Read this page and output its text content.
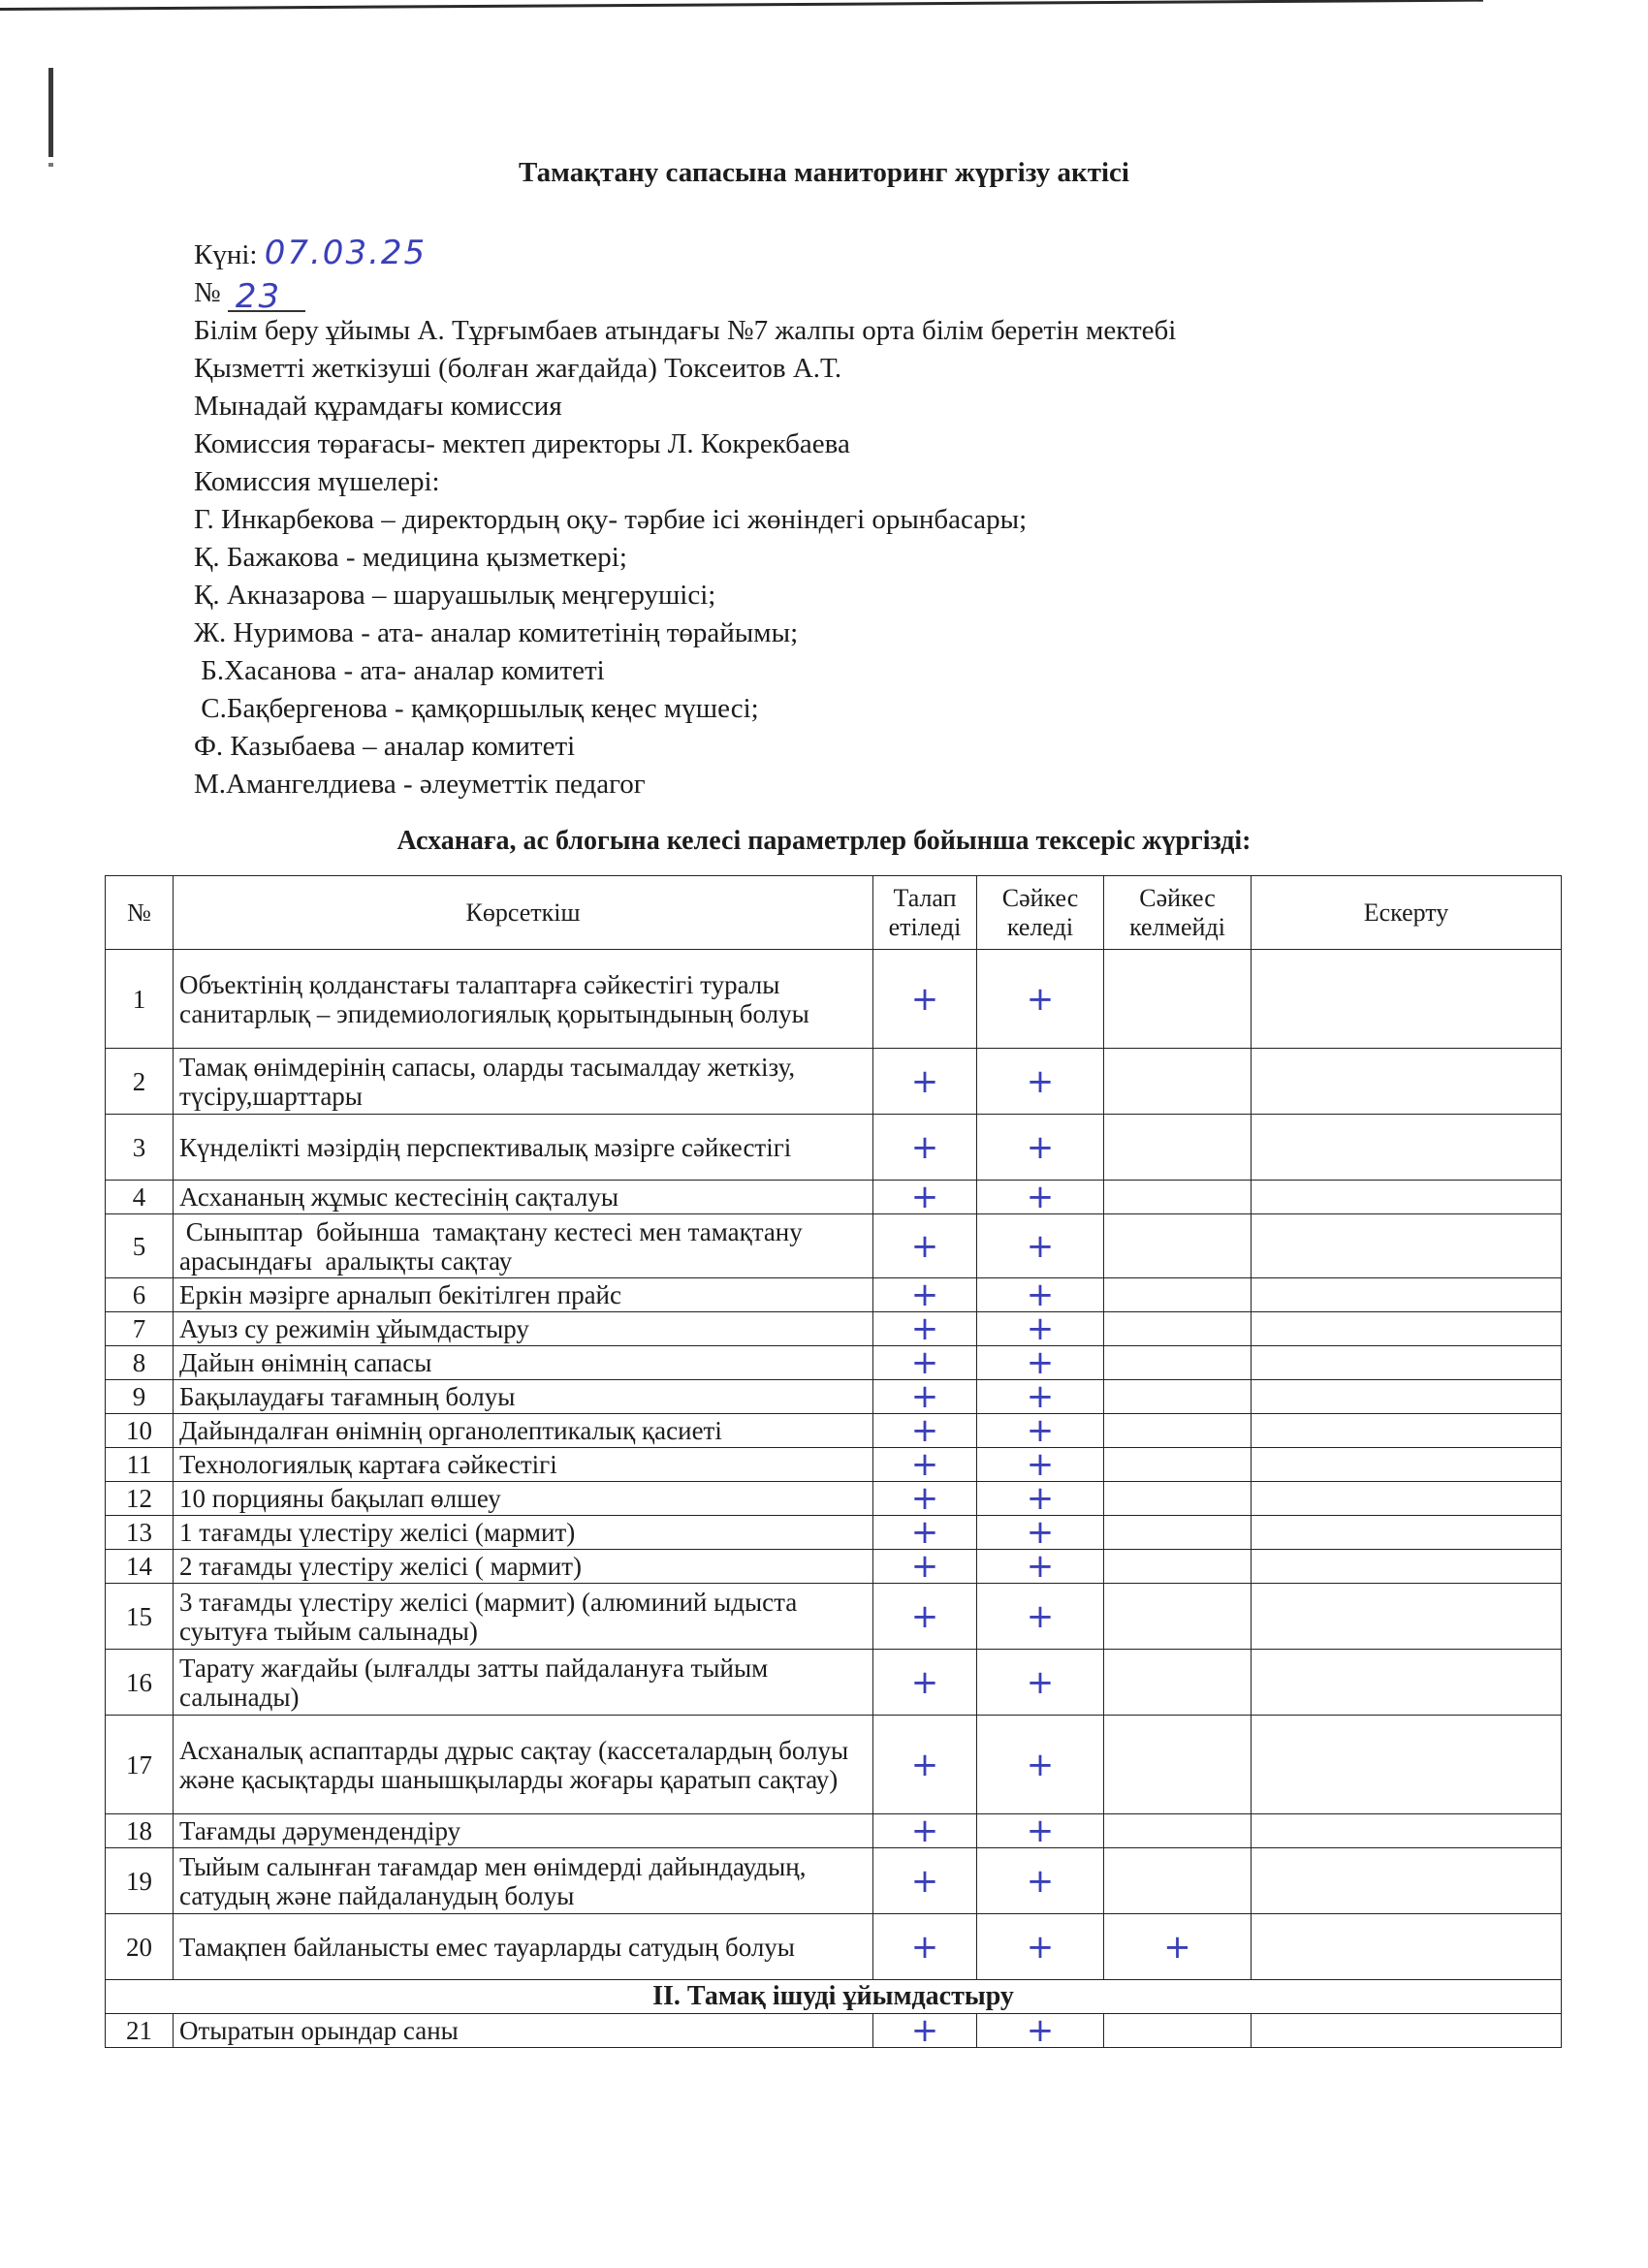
Тамақтану сапасына маниторинг жүргізу актісі
Күні: 07.03.25
№ 23
Білім беру ұйымы А. Тұрғымбаев атындағы №7 жалпы орта білім беретін мектебі
Қызметті жеткізуші (болған жағдайда) Токсеитов А.Т.
Мынадай құрамдағы комиссия
Комиссия төрағасы- мектеп директоры Л. Кокрекбаева
Комиссия мүшелері:
Г. Инкарбекова – директордың оқу- тәрбие ісі жөніндегі орынбасары;
Қ. Бажакова - медицина қызметкері;
Қ. Акназарова – шаруашылық меңгерушісі;
Ж. Нуримова - ата- аналар комитетінің төрайымы;
Б.Хасанова - ата- аналар комитеті
С.Бақбергенова - қамқоршылық кеңес мүшесі;
Ф. Казыбаева – аналар комитеті
М.Амангелдиева - әлеуметтік педагог
Асханаға, ас блогына келесі параметрлер бойынша тексеріс жүргізді:
№	Көрсеткіш	Талап етіледі	Сәйкес келеді	Сәйкес келмейді	Ескерту
1	Объектінің қолданстағы талаптарға сәйкестігі туралы санитарлық – эпидемиологиялық қорытындының болуы	+	+		
2	Тамақ өнімдерінің сапасы, оларды тасымалдау жеткізу, түсіру,шарттары	+	+		
3	Күнделікті мәзірдің перспективалық мәзірге сәйкестігі	+	+		
4	Асхананың жұмыс кестесінің сақталуы	+	+		
5	Сыныптар  бойынша  тамақтану кестесі мен тамақтану  арасындағы  аралықты сақтау	+	+		
6	Еркін мәзірге арналып бекітілген прайс	+	+		
7	Ауыз су режимін ұйымдастыру	+	+		
8	Дайын өнімнің сапасы	+	+		
9	Бақылаудағы тағамның болуы	+	+		
10	Дайындалған өнімнің органолептикалық қасиеті	+	+		
11	Технологиялық картаға сәйкестігі	+	+		
12	10 порцияны бақылап өлшеу	+	+		
13	1 тағамды үлестіру желісі (мармит)	+	+		
14	2 тағамды үлестіру желісі ( мармит)	+	+		
15	3 тағамды үлестіру желісі (мармит) (алюминий ыдыста суытуға тыйым салынады)	+	+		
16	Тарату жағдайы (ылғалды затты пайдалануға тыйым салынады)	+	+		
17	Асханалық аспаптарды дұрыс сақтау (кассеталардың болуы және қасықтарды шанышқыларды жоғары қаратып сақтау)	+	+		
18	Тағамды дәрумендендіру	+	+		
19	Тыйым салынған тағамдар мен өнімдерді дайындаудың, сатудың және пайдаланудың болуы	+	+		
20	Тамақпен байланысты емес тауарларды сатудың болуы	+	+	+	
II. Тамақ ішуді ұйымдастыру					
21	Отыратын орындар саны	+	+		
